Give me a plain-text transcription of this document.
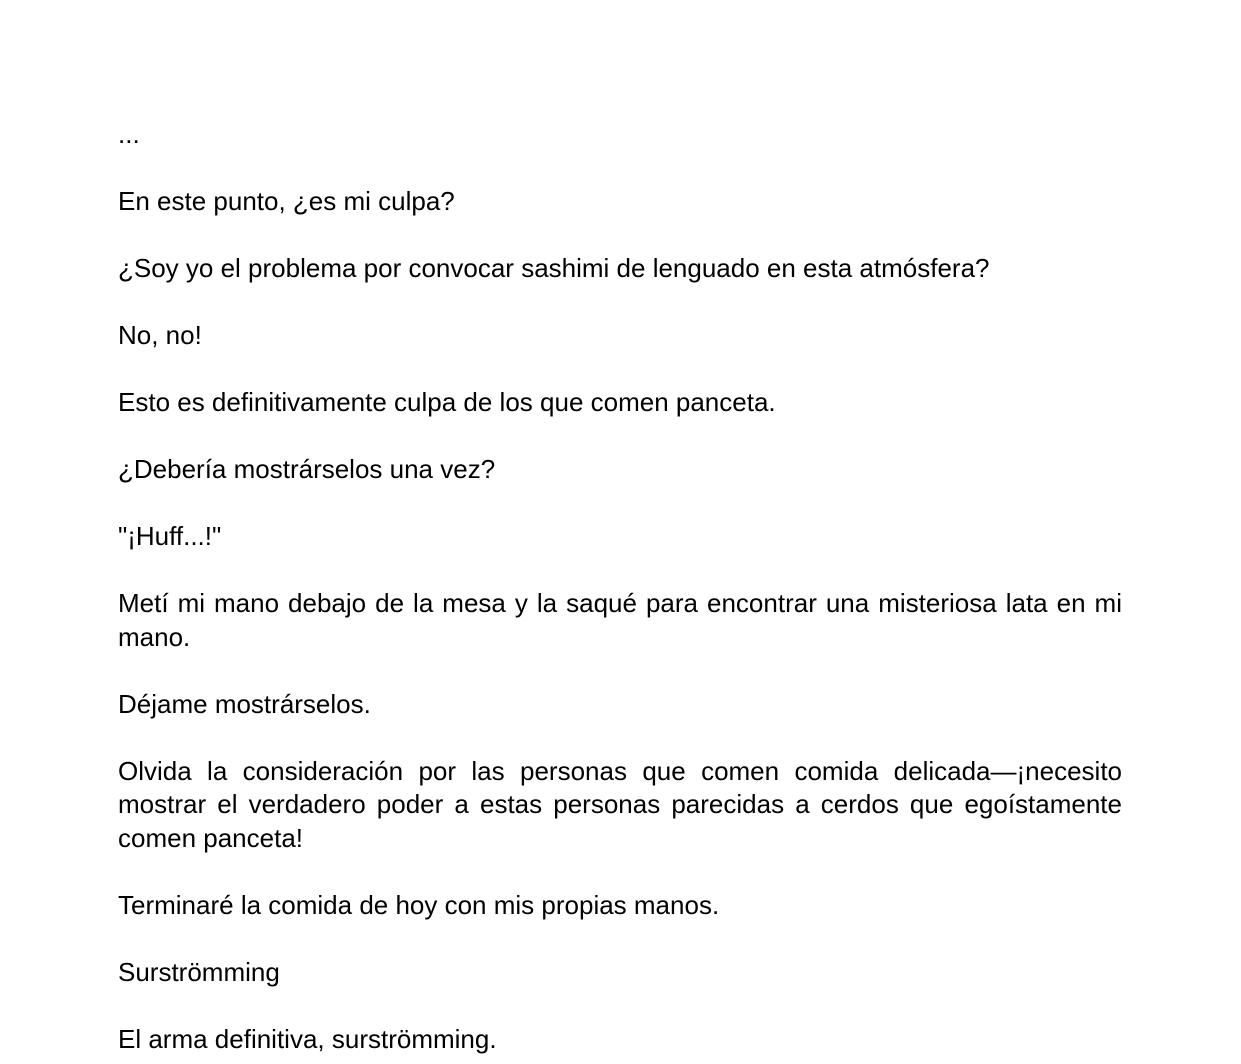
...

En este punto, ¿es mi culpa?

¿Soy yo el problema por convocar sashimi de lenguado en esta atmósfera?

No, no!

Esto es definitivamente culpa de los que comen panceta.

¿Debería mostrárselos una vez?

"¡Huff...!"

Metí mi mano debajo de la mesa y la saqué para encontrar una misteriosa lata en mi mano.

Déjame mostrárselos.

Olvida la consideración por las personas que comen comida delicada—¡necesito mostrar el verdadero poder a estas personas parecidas a cerdos que egoístamente comen panceta!

Terminaré la comida de hoy con mis propias manos.

Surströmming

El arma definitiva, surströmming.
